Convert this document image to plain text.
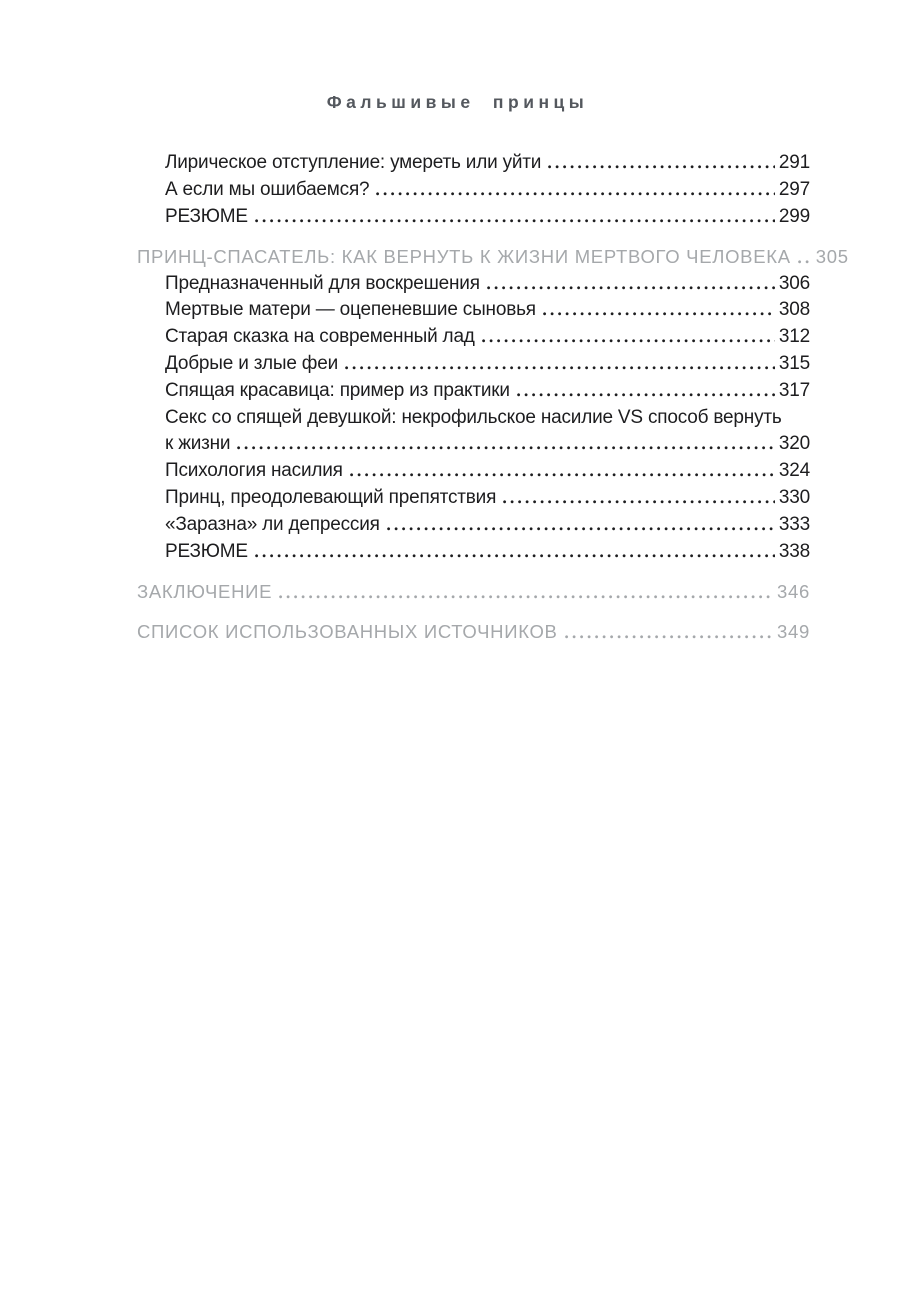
Фальшивые принцы
Лирическое отступление: умереть или уйти	291
А если мы ошибаемся?	297
РЕЗЮМЕ	299
ПРИНЦ-СПАСАТЕЛЬ: КАК ВЕРНУТЬ К ЖИЗНИ МЕРТВОГО ЧЕЛОВЕКА 305
Предназначенный для воскрешения	306
Мертвые матери — оцепеневшие сыновья	308
Старая сказка на современный лад	312
Добрые и злые феи	315
Спящая красавица: пример из практики	317
Секс со спящей девушкой: некрофильское насилие VS способ вернуть
к жизни	320
Психология насилия	324
Принц, преодолевающий препятствия	330
«Заразна» ли депрессия	333
РЕЗЮМЕ	338
ЗАКЛЮЧЕНИЕ	346
СПИСОК ИСПОЛЬЗОВАННЫХ ИСТОЧНИКОВ	349
